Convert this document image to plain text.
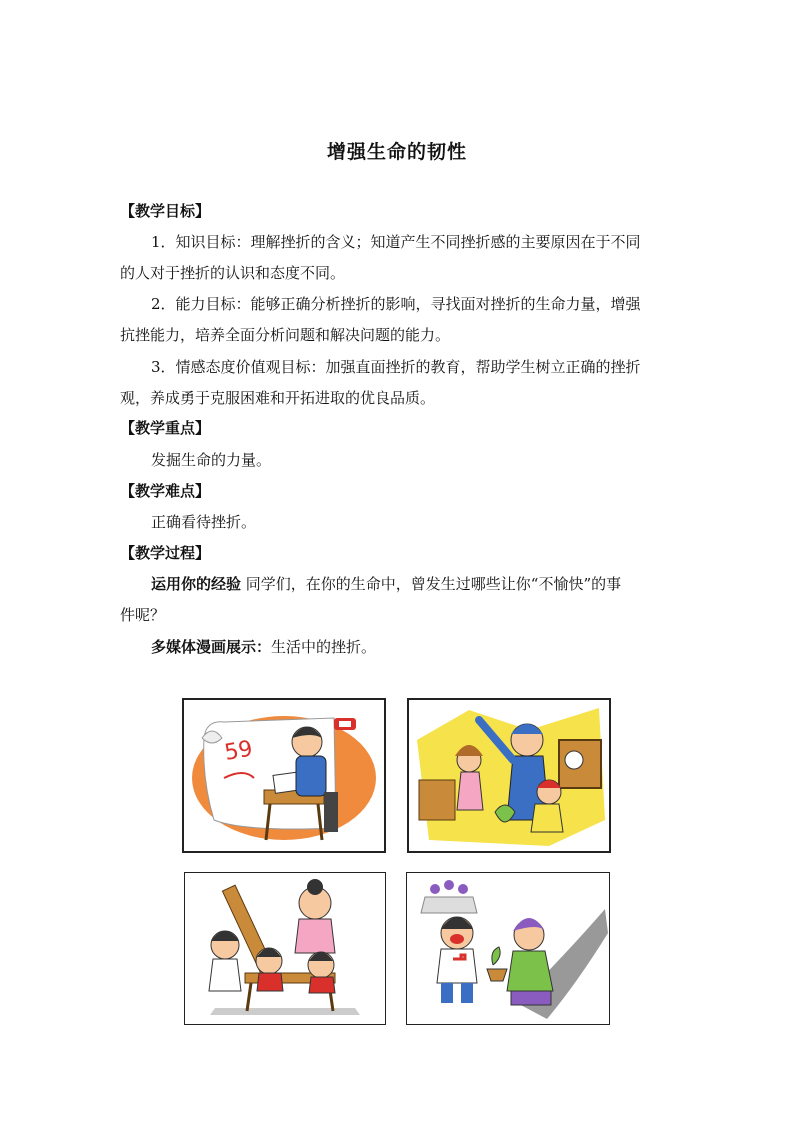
增强生命的韧性
【教学目标】
1．知识目标：理解挫折的含义；知道产生不同挫折感的主要原因在于不同
的人对于挫折的认识和态度不同。
2．能力目标：能够正确分析挫折的影响，寻找面对挫折的生命力量，增强
抗挫能力，培养全面分析问题和解决问题的能力。
3．情感态度价值观目标：加强直面挫折的教育，帮助学生树立正确的挫折
观，养成勇于克服困难和开拓进取的优良品质。
【教学重点】
发掘生命的力量。
【教学难点】
正确看待挫折。
【教学过程】
运用你的经验 同学们，在你的生命中，曾发生过哪些让你“不愉快”的事
件呢？
多媒体漫画展示：生活中的挫折。
59
